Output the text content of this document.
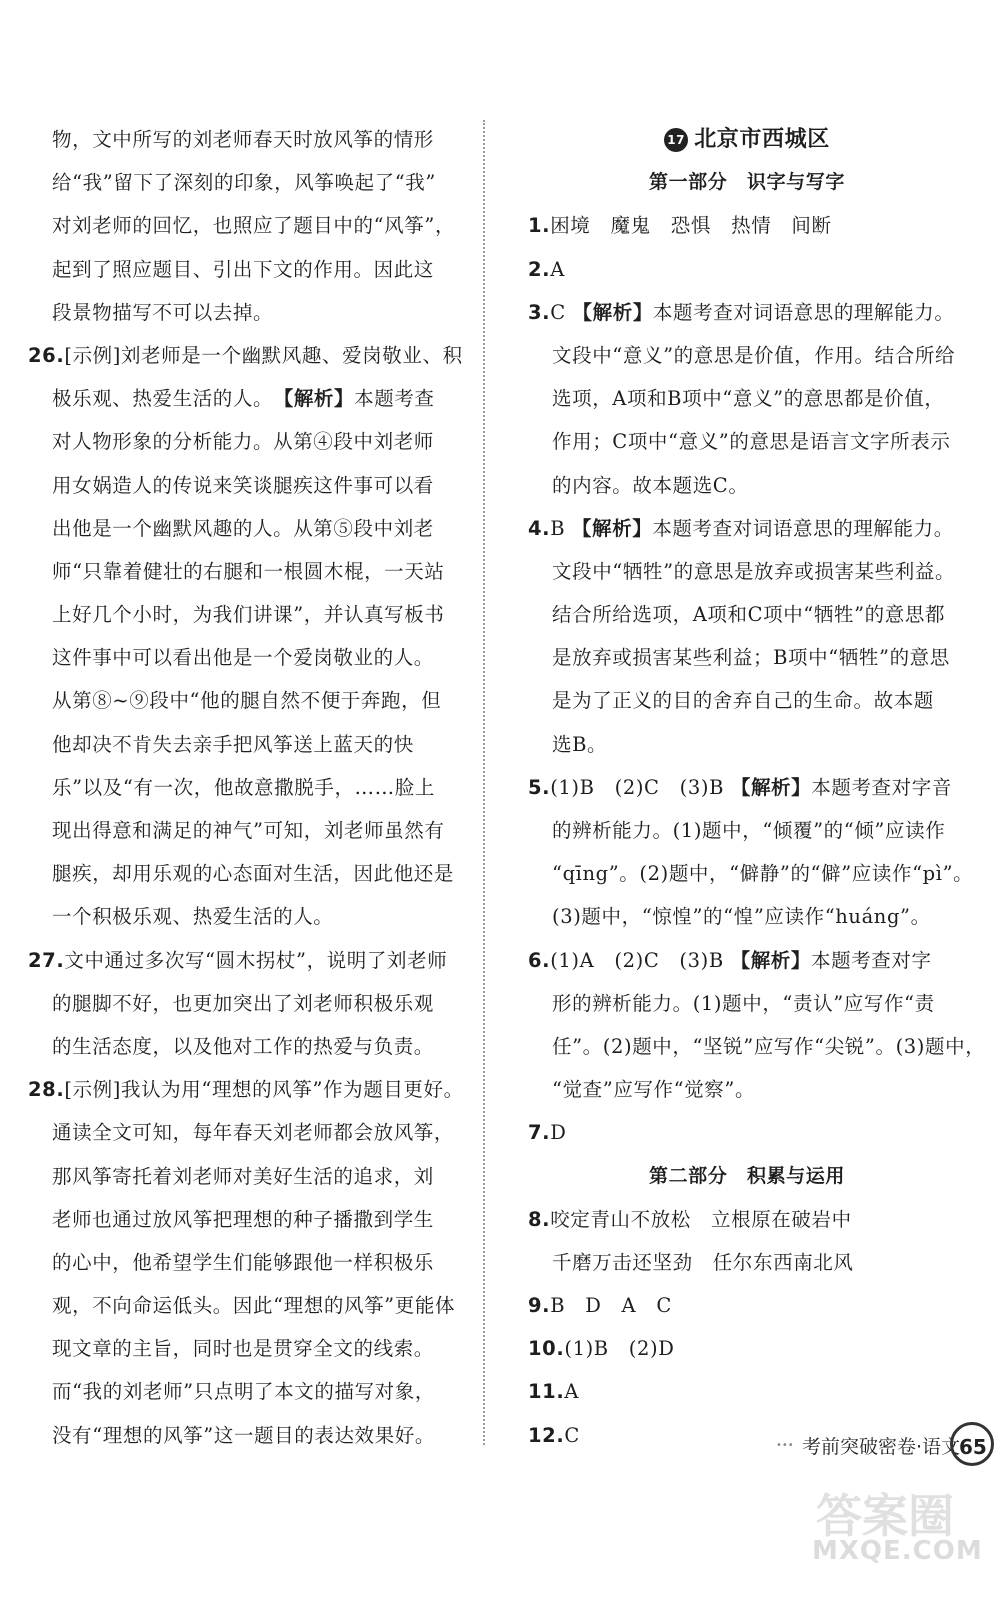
物，文中所写的刘老师春天时放风筝的情形
给“我”留下了深刻的印象，风筝唤起了“我”
对刘老师的回忆，也照应了题目中的“风筝”，
起到了照应题目、引出下文的作用。因此这
段景物描写不可以去掉。
26.[示例]刘老师是一个幽默风趣、爱岗敬业、积
极乐观、热爱生活的人。　 【解析】本题考查
对人物形象的分析能力。从第④段中刘老师
用女娲造人的传说来笑谈腿疾这件事可以看
出他是一个幽默风趣的人。从第⑤段中刘老
师“只靠着健壮的右腿和一根圆木棍，一天站
上好几个小时，为我们讲课”，并认真写板书
这件事中可以看出他是一个爱岗敬业的人。
从第⑧~⑨段中“他的腿自然不便于奔跑，但
他却决不肯失去亲手把风筝送上蓝天的快
乐”以及“有一次，他故意撒脱手，……脸上
现出得意和满足的神气”可知，刘老师虽然有
腿疾，却用乐观的心态面对生活，因此他还是
一个积极乐观、热爱生活的人。
27.文中通过多次写“圆木拐杖”，说明了刘老师
的腿脚不好，也更加突出了刘老师积极乐观
的生活态度，以及他对工作的热爱与负责。
28.[示例]我认为用“理想的风筝”作为题目更好。
通读全文可知，每年春天刘老师都会放风筝，
那风筝寄托着刘老师对美好生活的追求，刘
老师也通过放风筝把理想的种子播撒到学生
的心中，他希望学生们能够跟他一样积极乐
观，不向命运低头。因此“理想的风筝”更能体
现文章的主旨，同时也是贯穿全文的线索。
而“我的刘老师”只点明了本文的描写对象，
没有“理想的风筝”这一题目的表达效果好。
17 北京市西城区
第一部分　识字与写字
1.困境　魔鬼　恐惧　热情　间断
2.A
3.C 【解析】本题考查对词语意思的理解能力。
文段中“意义”的意思是价值，作用。结合所给
选项，A项和B项中“意义”的意思都是价值，
作用；C项中“意义”的意思是语言文字所表示
的内容。故本题选C。
4.B 【解析】本题考查对词语意思的理解能力。
文段中“牺牲”的意思是放弃或损害某些利益。
结合所给选项，A项和C项中“牺牲”的意思都
是放弃或损害某些利益；B项中“牺牲”的意思
是为了正义的目的舍弃自己的生命。故本题
选B。
5.(1)B　(2)C　(3)B 【解析】本题考查对字音
的辨析能力。(1)题中，“倾覆”的“倾”应读作
“qīng”。(2)题中，“僻静”的“僻”应读作“pì”。
(3)题中，“惊惶”的“惶”应读作“huáng”。
6.(1)A　(2)C　(3)B 【解析】本题考查对字
形的辨析能力。(1)题中，“责认”应写作“责
任”。(2)题中，“坚锐”应写作“尖锐”。(3)题中，
“觉查”应写作“觉察”。
7.D
第二部分　积累与运用
8.咬定青山不放松　立根原在破岩中
千磨万击还坚劲　任尔东西南北风
9.B　D　A　C
10.(1)B　(2)D
11.A
12.C	••• 考前突破密卷·语文
65
答案圈
MXQE.COM
